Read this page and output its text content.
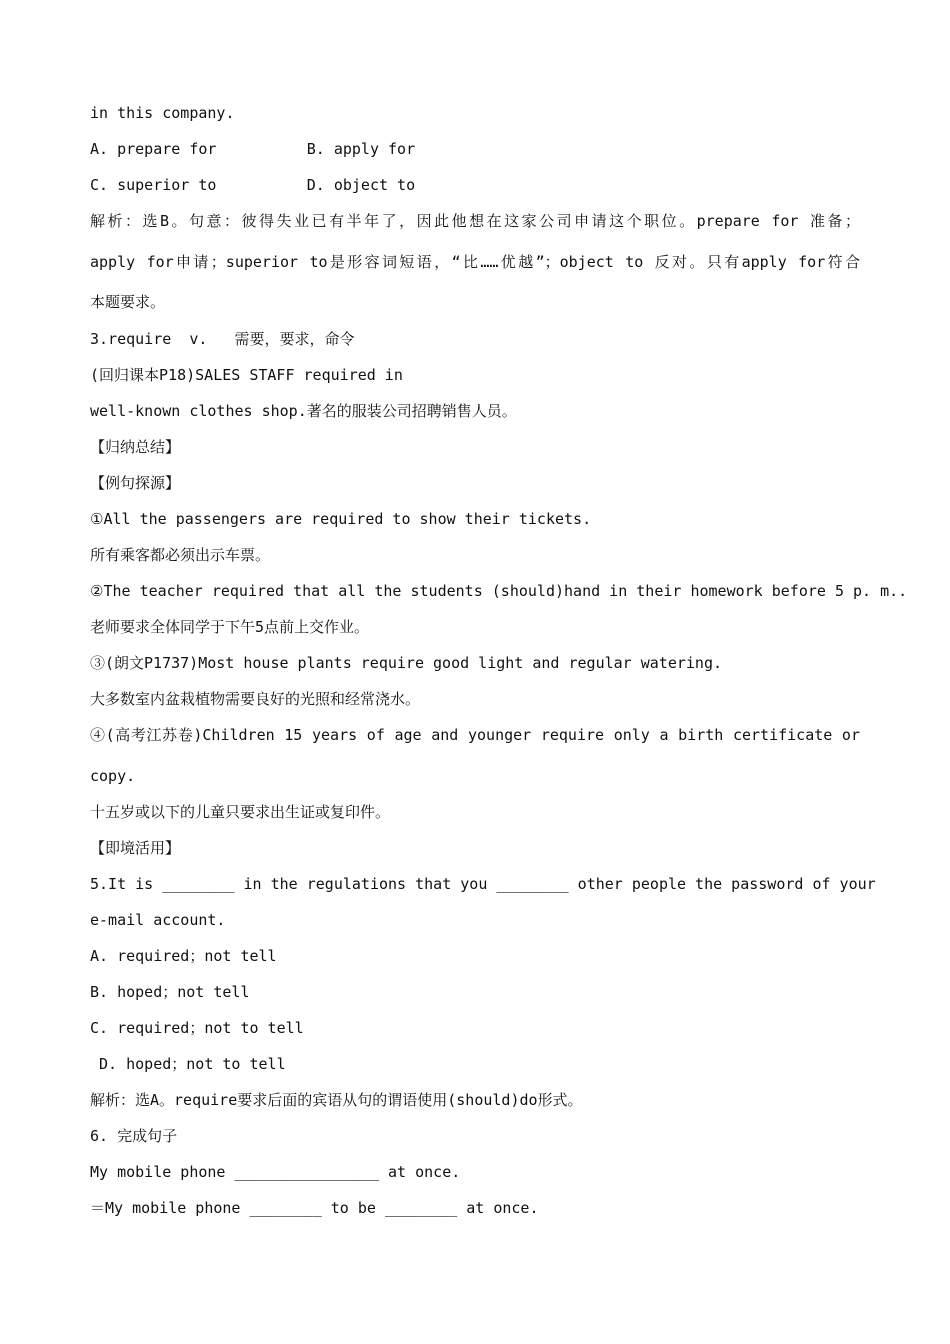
in this company.
A. prepare for          B. apply for
C. superior to          D. object to
解析：选B。句意：彼得失业已有半年了，因此他想在这家公司申请这个职位。prepare for 准备；
apply for申请；superior to是形容词短语，“比……优越”；object to 反对。只有apply for符合
本题要求。
3.require  v.   需要，要求，命令
(回归课本P18)SALES STAFF required in
well-known clothes shop.著名的服装公司招聘销售人员。
【归纳总结】
【例句探源】
①All the passengers are required to show their tickets.
所有乘客都必须出示车票。
②The teacher required that all the students (should)hand in their homework before 5 p. m..
老师要求全体同学于下午5点前上交作业。
③(朗文P1737)Most house plants require good light and regular watering.
大多数室内盆栽植物需要良好的光照和经常浇水。
④(高考江苏卷)Children 15 years of age and younger require only a birth certificate or
copy.
十五岁或以下的儿童只要求出生证或复印件。
【即境活用】
5.It is ________ in the regulations that you ________ other people the password of your
e-mail account.
A. required；not tell
B. hoped；not tell
C. required；not to tell
D. hoped；not to tell
解析：选A。require要求后面的宾语从句的谓语使用(should)do形式。
6. 完成句子
My mobile phone ________________ at once.
＝My mobile phone ________ to be ________ at once.
